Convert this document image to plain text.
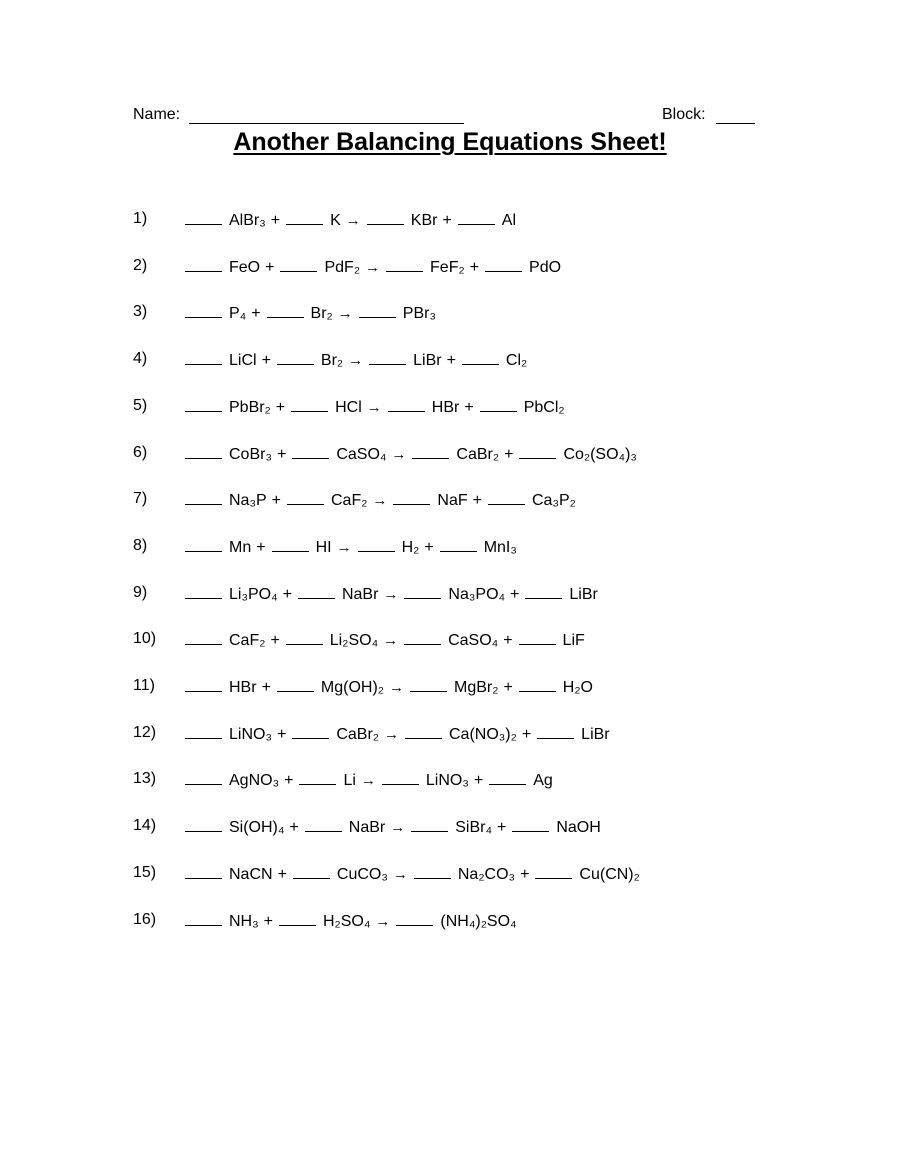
Name:	Block:
Another Balancing Equations Sheet!
1)	AlBr₃ +	K →	KBr +	Al
2)	FeO +	PdF₂ →	FeF₂ +	PdO
3)	P₄ +	Br₂ →	PBr₃
4)	LiCl +	Br₂ →	LiBr +	Cl₂
5)	PbBr₂ +	HCl →	HBr +	PbCl₂
6)	CoBr₃ +	CaSO₄ →	CaBr₂ +	Co₂(SO₄)₃
7)	Na₃P +	CaF₂ →	NaF +	Ca₃P₂
8)	Mn +	HI →	H₂ +	MnI₃
9)	Li₃PO₄ +	NaBr →	Na₃PO₄ +	LiBr
10)	CaF₂ +	Li₂SO₄ →	CaSO₄ +	LiF
11)	HBr +	Mg(OH)₂ →	MgBr₂ +	H₂O
12)	LiNO₃ +	CaBr₂ →	Ca(NO₃)₂ +	LiBr
13)	AgNO₃ +	Li →	LiNO₃ +	Ag
14)	Si(OH)₄ +	NaBr →	SiBr₄ +	NaOH
15)	NaCN +	CuCO₃ →	Na₂CO₃ +	Cu(CN)₂
16)	NH₃ +	H₂SO₄ →	(NH₄)₂SO₄
